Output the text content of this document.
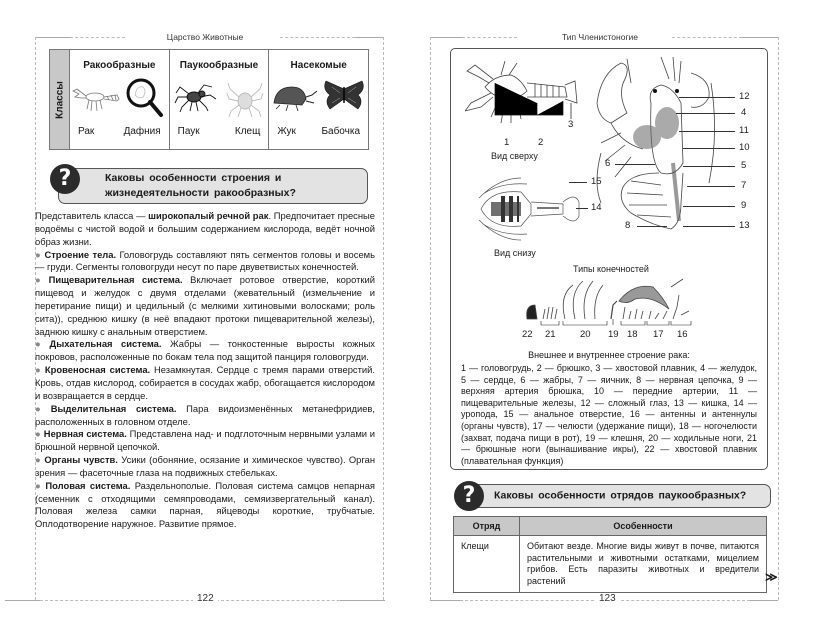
Царство Животные
122
Классы
Ракообразные
Рак	Дафния
Паукообразные
Паук	Клещ
Насекомые
Жук	Бабочка
Каковы особенности строения и жизнедеятельности ракообразных?
?

Представитель класса — широкопалый речной рак. Предпочитает пресные водоёмы с чистой водой и большим содержанием кислорода, ведёт ночной образ жизни.

● Строение тела. Головогрудь составляют пять сегментов головы и восемь — груди. Сегменты головогруди несут по паре двуветвистых конечностей.

● Пищеварительная система. Включает ротовое отверстие, короткий пищевод и желудок с двумя отделами (жевательный (измельчение и перетирание пищи) и цедильный (с мелкими хитиновыми волосками; роль сита)), среднюю кишку (в неё впадают протоки пищеварительной железы), заднюю кишку с анальным отверстием.

● Дыхательная система. Жабры — тонкостенные выросты кожных покровов, расположенные по бокам тела под защитой панциря головогруди.

● Кровеносная система. Незамкнутая. Сердце с тремя парами отверстий. Кровь, отдав кислород, собирается в сосудах жабр, обогащается кислородом и возвращается в сердце.

● Выделительная система. Пара видоизменённых метанефридиев, расположенных в головном отделе.

● Нервная система. Представлена над- и подглоточным нервными узлами и брюшной нервной цепочкой.

● Органы чувств. Усики (обоняние, осязание и химическое чувство). Орган зрения — фасеточные глаза на подвижных стебельках.

● Половая система. Раздельнополые. Половая система самцов непарная (семенник с отходящими семяпроводами, семяизвергательный канал). Половая железа самки парная, яйцеводы короткие, трубчатые. Оплодотворение наружное. Развитие прямое.

Тип Членистоногие
123
1	2
3
Вид сверху
15
14
Вид снизу
12
4
11
10
6	5
7
9
8	13
Типы конечностей
22 21	20 19 18 17 16
Внешнее и внутреннее строение рака:
1 — головогрудь, 2 — брюшко, 3 — хвостовой плавник, 4 — желудок, 5 — сердце, 6 — жабры, 7 — яичник, 8 — нервная цепочка, 9 — верхняя артерия брюшка, 10 — передние артерии, 11 — пищеварительные железы, 12 — сложный глаз, 13 — кишка, 14 — уропода, 15 — анальное отверстие, 16 — антенны и антеннулы (органы чувств), 17 — челюсти (удержание пищи), 18 — ногочелюсти (захват, подача пищи в рот), 19 — клешня, 20 — ходильные ноги, 21 — брюшные ноги (вынашивание икры), 22 — хвостовой плавник (плавательная функция)
Каковы особенности отрядов паукообразных?
?
Отряд	Особенности
Клещи	Обитают везде. Многие виды живут в почве, питаются растительными и животными остатками, мицелием грибов. Есть паразиты животных и вредители растений	≫
